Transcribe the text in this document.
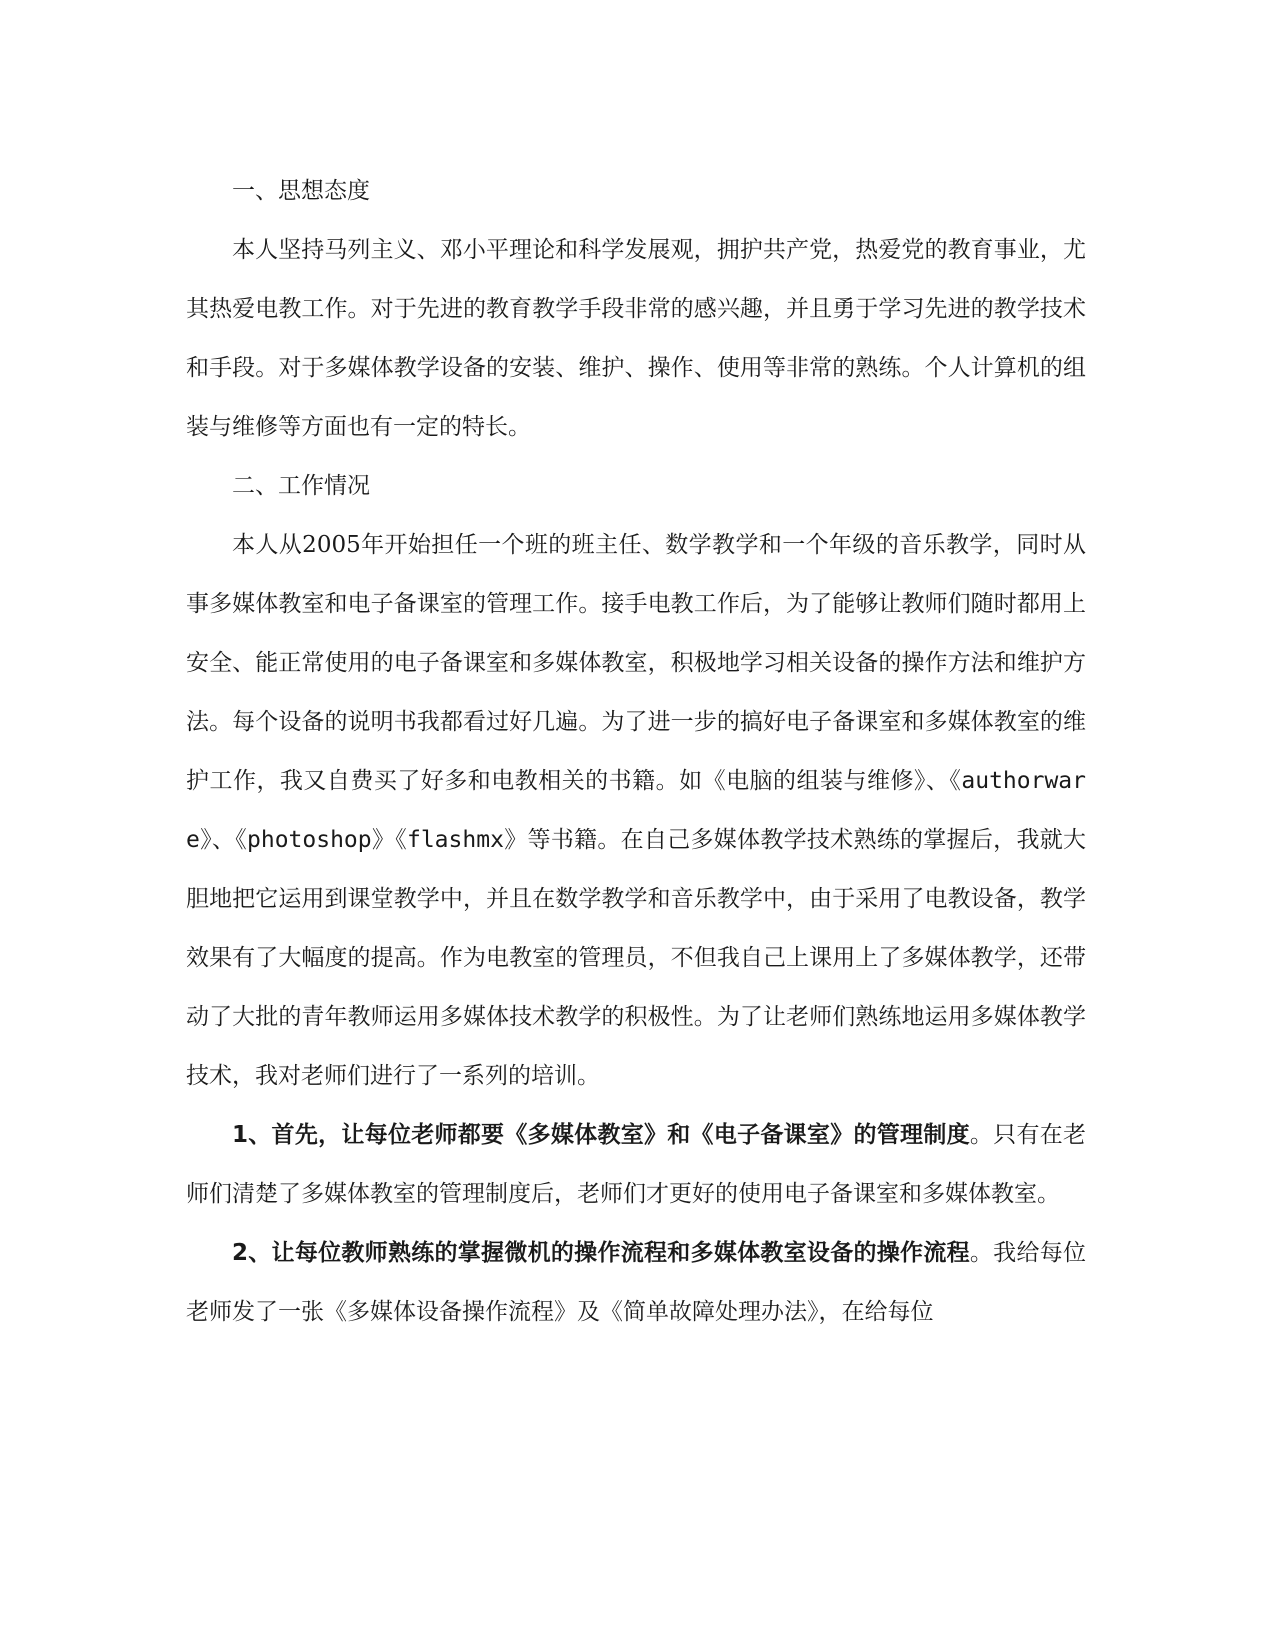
一、思想态度

本人坚持马列主义、邓小平理论和科学发展观，拥护共产党，热爱党的教育事业，尤其热爱电教工作。对于先进的教育教学手段非常的感兴趣，并且勇于学习先进的教学技术和手段。对于多媒体教学设备的安装、维护、操作、使用等非常的熟练。个人计算机的组装与维修等方面也有一定的特长。

二、工作情况

本人从2005年开始担任一个班的班主任、数学教学和一个年级的音乐教学，同时从事多媒体教室和电子备课室的管理工作。接手电教工作后，为了能够让教师们随时都用上安全、能正常使用的电子备课室和多媒体教室，积极地学习相关设备的操作方法和维护方法。每个设备的说明书我都看过好几遍。为了进一步的搞好电子备课室和多媒体教室的维护工作，我又自费买了好多和电教相关的书籍。如《电脑的组装与维修》、《authorware》、《photoshop》《flashmx》等书籍。在自己多媒体教学技术熟练的掌握后，我就大胆地把它运用到课堂教学中，并且在数学教学和音乐教学中，由于采用了电教设备，教学效果有了大幅度的提高。作为电教室的管理员，不但我自己上课用上了多媒体教学，还带动了大批的青年教师运用多媒体技术教学的积极性。为了让老师们熟练地运用多媒体教学技术，我对老师们进行了一系列的培训。

1、首先，让每位老师都要《多媒体教室》和《电子备课室》的管理制度。只有在老师们清楚了多媒体教室的管理制度后，老师们才更好的使用电子备课室和多媒体教室。

2、让每位教师熟练的掌握微机的操作流程和多媒体教室设备的操作流程。我给每位老师发了一张《多媒体设备操作流程》及《简单故障处理办法》，在给每位
